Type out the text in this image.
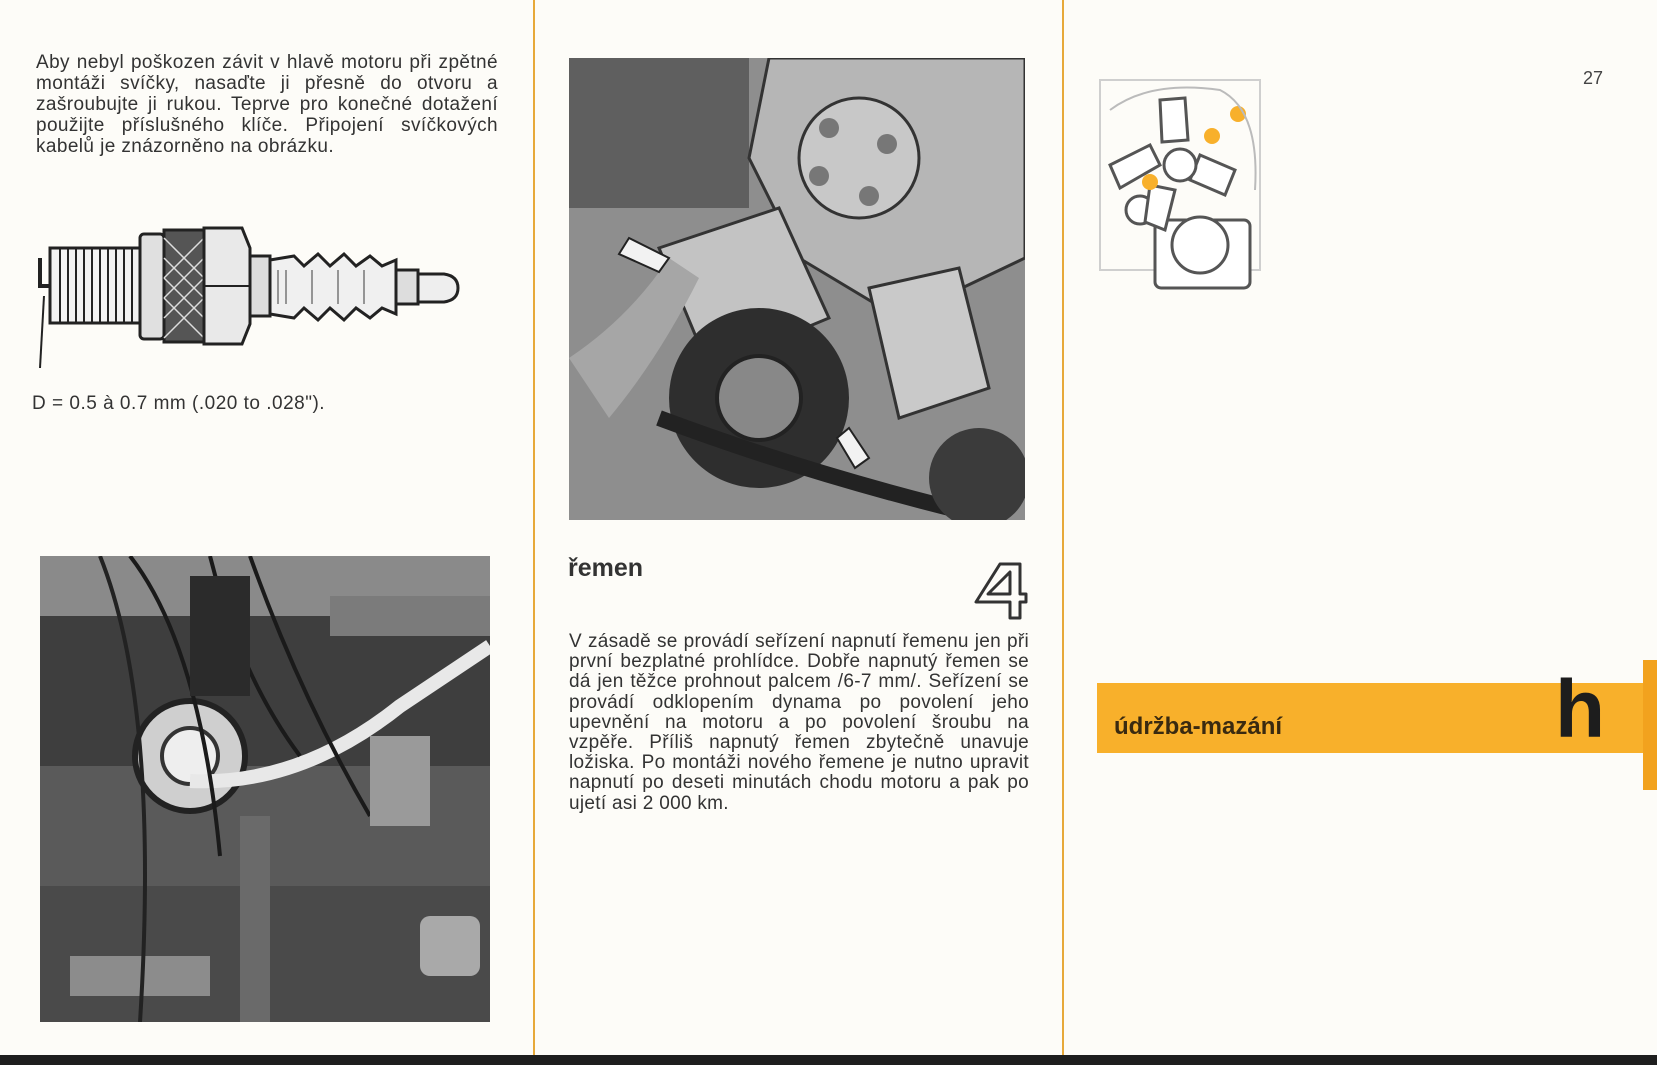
Aby nebyl poškozen závit v hlavě motoru při zpětné montáži svíčky, nasaďte ji přesně do otvoru a zašroubujte ji rukou. Teprve pro konečné dotažení použijte příslušného klíče. Připojení svíčkových kabelů je znázorněno na obrázku.

D = 0.5 à 0.7 mm (.020 to .028").

řemen

V zásadě se provádí seřízení napnutí řemenu jen při první bezplatné prohlídce. Dobře napnutý řemen se dá jen těžce prohnout palcem /6-7 mm/. Seřízení se provádí odklopením dynama po povolení jeho upevnění na motoru a po povolení šroubu na vzpěře. Příliš napnutý řemen zbytečně unavuje ložiska. Po montáži nového řemene je nutno upravit napnutí po deseti minutách chodu motoru a pak po ujetí asi 2 000 km.

27
údržba-mazání	h
